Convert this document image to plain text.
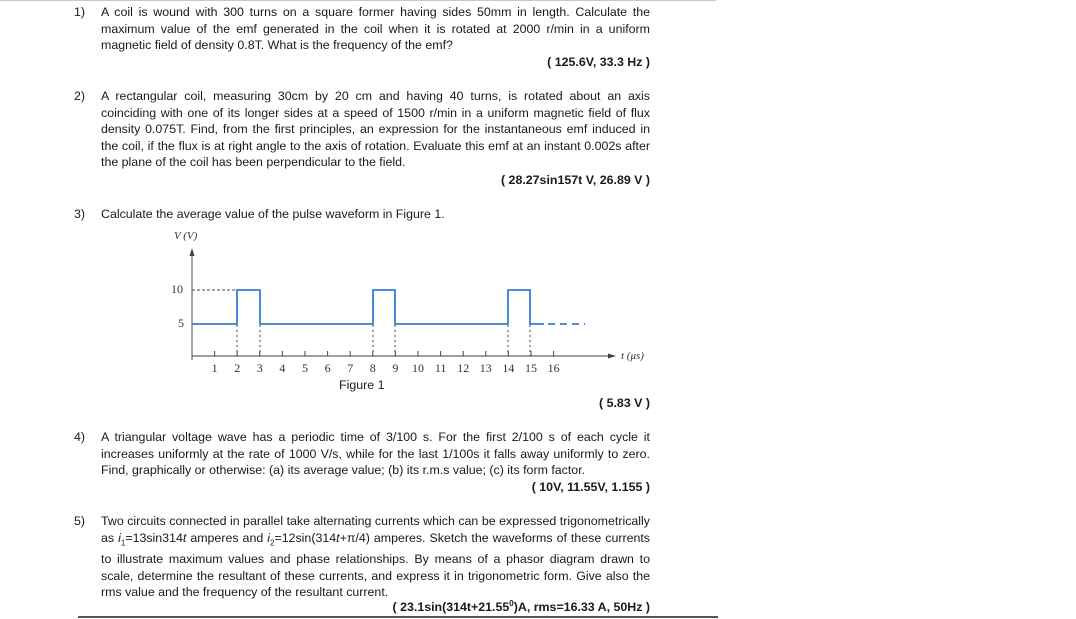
1) A coil is wound with 300 turns on a square former having sides 50mm in length. Calculate the maximum value of the emf generated in the coil when it is rotated at 2000 r/min in a uniform magnetic field of density 0.8T. What is the frequency of the emf?
( 125.6V, 33.3 Hz )
2) A rectangular coil, measuring 30cm by 20 cm and having 40 turns, is rotated about an axis coinciding with one of its longer sides at a speed of 1500 r/min in a uniform magnetic field of flux density 0.075T. Find, from the first principles, an expression for the instantaneous emf induced in the coil, if the flux is at right angle to the axis of rotation. Evaluate this emf at an instant 0.002s after the plane of the coil has been perpendicular to the field.
( 28.27sin157t V, 26.89 V )
3) Calculate the average value of the pulse waveform in Figure 1.
V (V)
t (μs)
10
5
1 2 3 4 5 6 7 8 9 10 11 12 13 14 15 16
Figure 1
( 5.83 V )
4) A triangular voltage wave has a periodic time of 3/100 s. For the first 2/100 s of each cycle it increases uniformly at the rate of 1000 V/s, while for the last 1/100s it falls away uniformly to zero. Find, graphically or otherwise: (a) its average value; (b) its r.m.s value; (c) its form factor.
( 10V, 11.55V, 1.155 )
5) Two circuits connected in parallel take alternating currents which can be expressed trigonometrically as $i_1=13\sin 314t$ amperes and $i_2=12\sin(314t+\pi/4)$ amperes. Sketch the waveforms of these currents to illustrate maximum values and phase relationships. By means of a phasor diagram drawn to scale, determine the resultant of these currents, and express it in trigonometric form. Give also the rms value and the frequency of the resultant current.
( $23.1\sin(314t+21.55^0)A$, rms=16.33 A, 50Hz )
